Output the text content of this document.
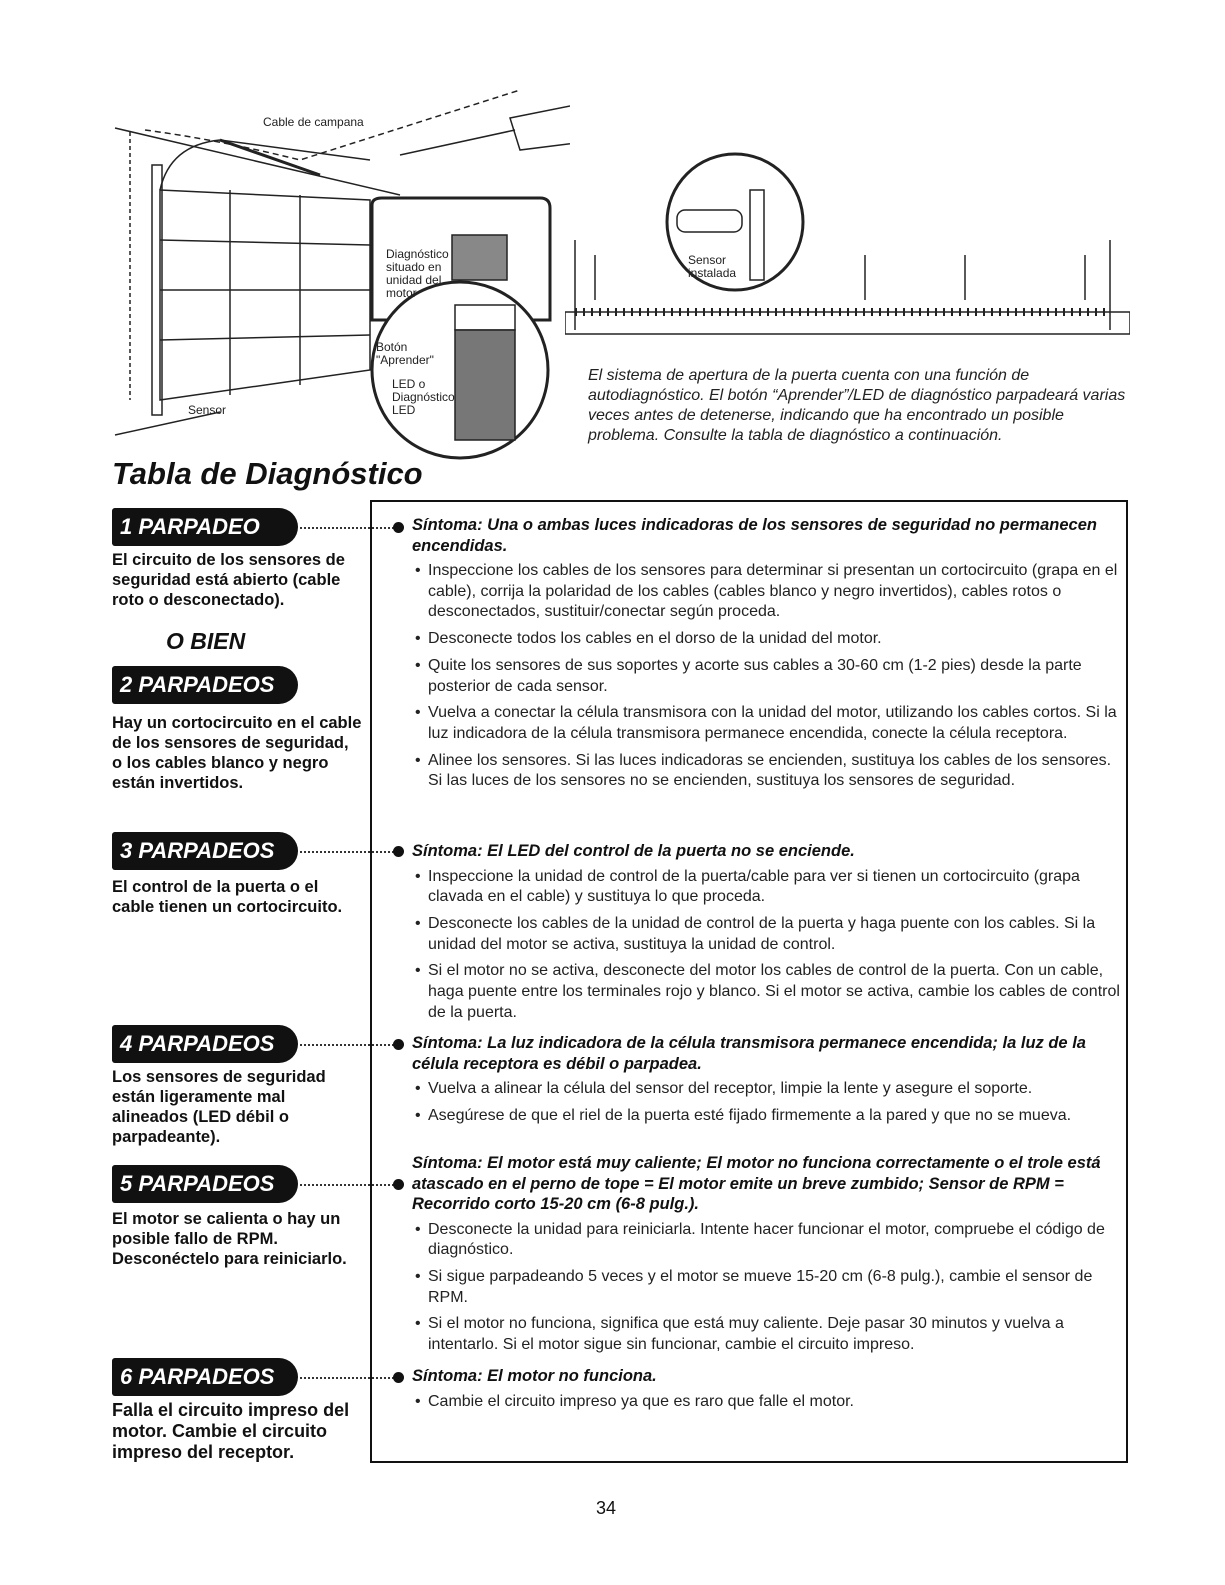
Cable de campana
Diagnóstico
situado en
unidad del
motor
Botón
"Aprender"
LED o
Diagnóstico
LED
Sensor
Sensor
instalada
El sistema de apertura de la puerta cuenta con una función de autodiagnóstico. El botón “Aprender”/LED de diagnóstico parpadeará varias veces antes de detenerse, indicando que ha encontrado un posible problema. Consulte la tabla de diagnóstico a continuación.
Tabla de Diagnóstico
1 PARPADEO
El circuito de los sensores de seguridad está abierto (cable roto o desconectado).
O BIEN
2 PARPADEOS
Hay un cortocircuito en el cable de los sensores de seguridad, o los cables blanco y negro están invertidos.
3 PARPADEOS
El control de la puerta o el cable tienen un cortocircuito.
4 PARPADEOS
Los sensores de seguridad están ligeramente mal alineados (LED débil o parpadeante).
5 PARPADEOS
El motor se calienta o hay un posible fallo de RPM. Desconéctelo para reiniciarlo.
6 PARPADEOS
Falla el circuito impreso del motor. Cambie el circuito impreso del receptor.
Síntoma: Una o ambas luces indicadoras de los sensores de seguridad no permanecen encendidas.
• Inspeccione los cables de los sensores para determinar si presentan un cortocircuito (grapa en el cable), corrija la polaridad de los cables (cables blanco y negro invertidos), cables rotos o desconectados, sustituir/conectar según proceda.
• Desconecte todos los cables en el dorso de la unidad del motor.
• Quite los sensores de sus soportes y acorte sus cables a 30-60 cm (1-2 pies) desde la parte posterior de cada sensor.
• Vuelva a conectar la célula transmisora con la unidad del motor, utilizando los cables cortos. Si la luz indicadora de la célula transmisora permanece encendida, conecte la célula receptora.
• Alinee los sensores. Si las luces indicadoras se encienden, sustituya los cables de los sensores. Si las luces de los sensores no se encienden, sustituya los sensores de seguridad.
Síntoma: El LED del control de la puerta no se enciende.
• Inspeccione la unidad de control de la puerta/cable para ver si tienen un cortocircuito (grapa clavada en el cable) y sustituya lo que proceda.
• Desconecte los cables de la unidad de control de la puerta y haga puente con los cables. Si la unidad del motor se activa, sustituya la unidad de control.
• Si el motor no se activa, desconecte del motor los cables de control de la puerta. Con un cable, haga puente entre los terminales rojo y blanco. Si el motor se activa, cambie los cables de control de la puerta.
Síntoma: La luz indicadora de la célula transmisora permanece encendida; la luz de la célula receptora es débil o parpadea.
• Vuelva a alinear la célula del sensor del receptor, limpie la lente y asegure el soporte.
• Asegúrese de que el riel de la puerta esté fijado firmemente a la pared y que no se mueva.
Síntoma: El motor está muy caliente; El motor no funciona correctamente o el trole está atascado en el perno de tope = El motor emite un breve zumbido; Sensor de RPM = Recorrido corto 15-20 cm (6-8 pulg.).
• Desconecte la unidad para reiniciarla. Intente hacer funcionar el motor, compruebe el código de diagnóstico.
• Si sigue parpadeando 5 veces y el motor se mueve 15-20 cm (6-8 pulg.), cambie el sensor de RPM.
• Si el motor no funciona, significa que está muy caliente. Deje pasar 30 minutos y vuelva a intentarlo. Si el motor sigue sin funcionar, cambie el circuito impreso.
Síntoma: El motor no funciona.
• Cambie el circuito impreso ya que es raro que falle el motor.
34
